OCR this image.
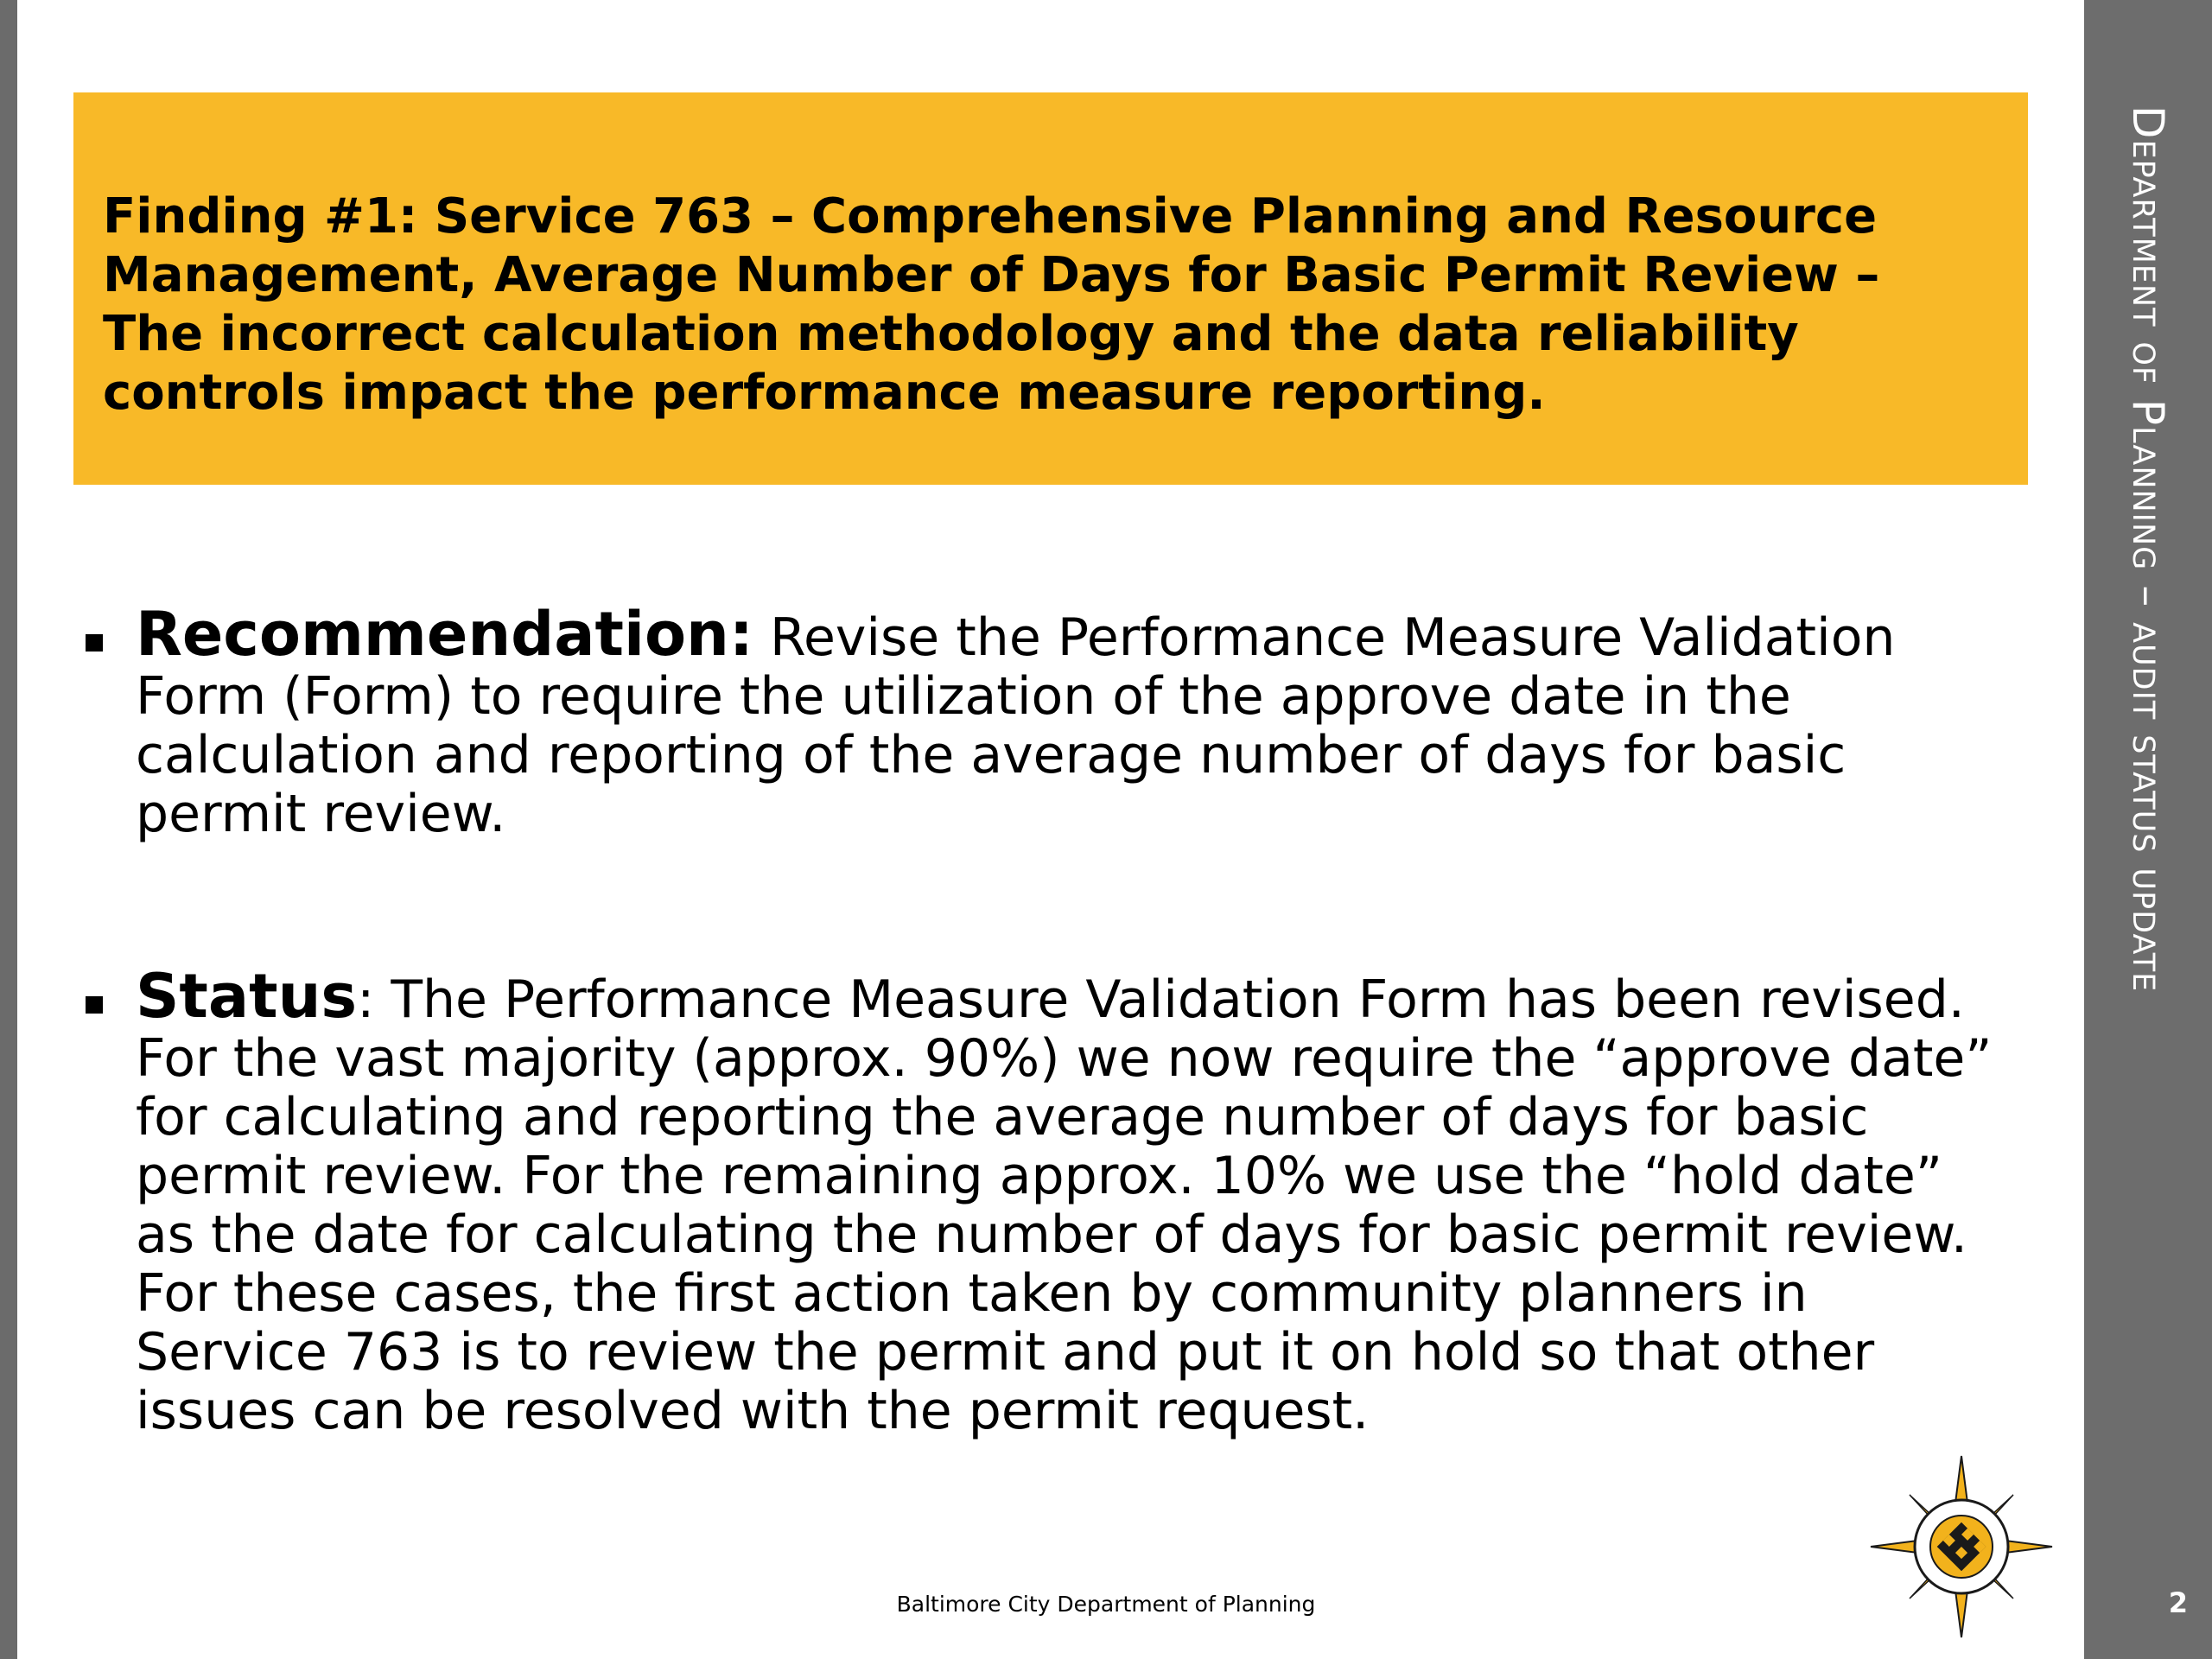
Department of Planning – audit status update
2
Finding #1: Service 763 – Comprehensive Planning and Resource Management, Average Number of Days for Basic Permit Review – The incorrect calculation methodology and the data reliability controls impact the performance measure reporting.
Recommendation: Revise the Performance Measure Validation Form (Form) to require the utilization of the approve date in the calculation and reporting of the average number of days for basic permit review.
Status: The Performance Measure Validation Form has been revised. For the vast majority (approx. 90%) we now require the “approve date” for calculating and reporting the average number of days for basic permit review. For the remaining approx. 10% we use the “hold date” as the date for calculating the number of days for basic permit review. For these cases, the first action taken by community planners in Service 763 is to review the permit and put it on hold so that other issues can be resolved with the permit request.
Baltimore City Department of Planning
